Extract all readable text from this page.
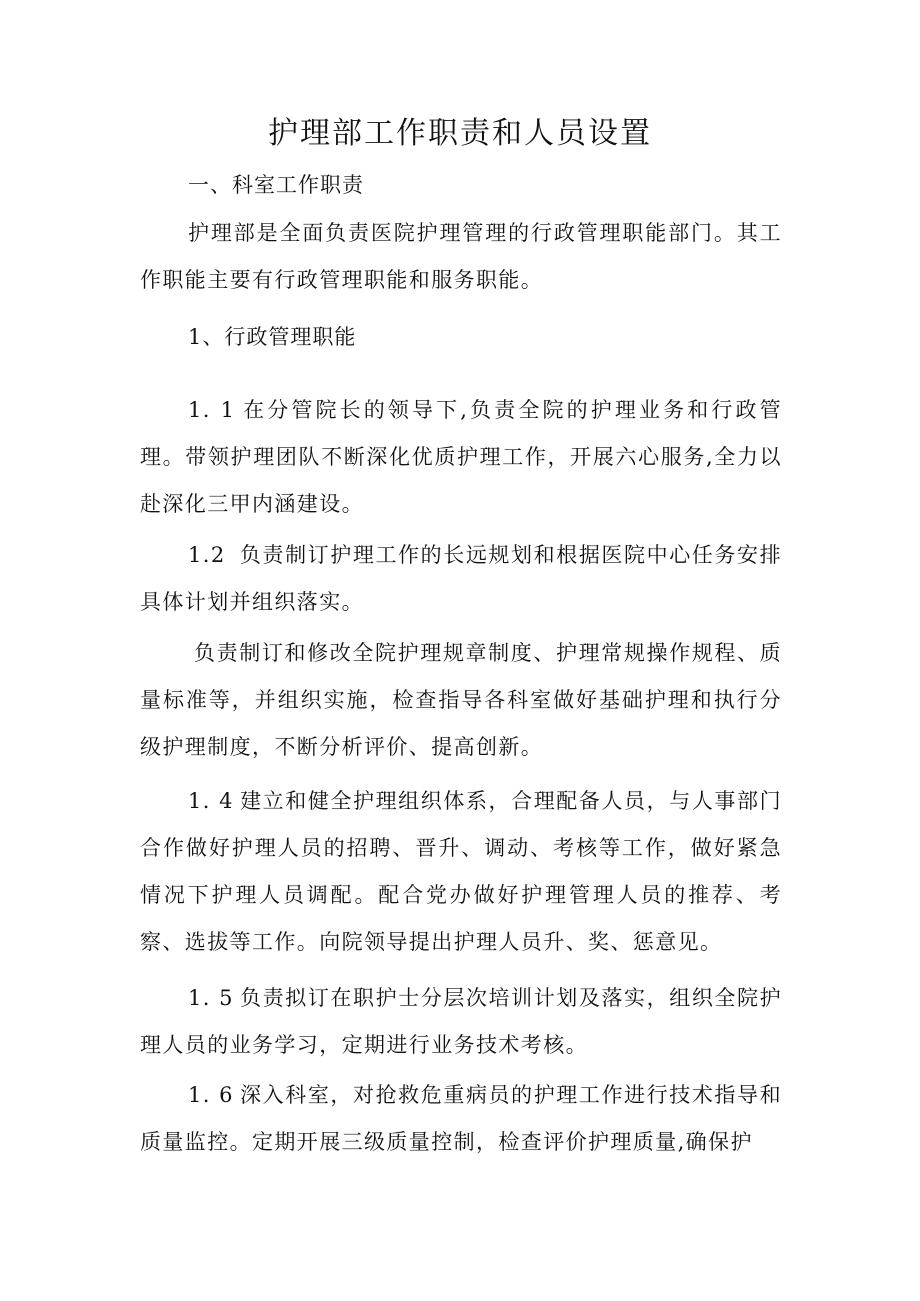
护理部工作职责和人员设置

一、科室工作职责

护理部是全面负责医院护理管理的行政管理职能部门。其工作职能主要有行政管理职能和服务职能。

1、行政管理职能

1. 1 在分管院长的领导下,负责全院的护理业务和行政管理。带领护理团队不断深化优质护理工作，开展六心服务,全力以赴深化三甲内涵建设。

1.2 负责制订护理工作的长远规划和根据医院中心任务安排具体计划并组织落实。

负责制订和修改全院护理规章制度、护理常规操作规程、质量标准等，并组织实施，检查指导各科室做好基础护理和执行分级护理制度，不断分析评价、提高创新。

1. 4 建立和健全护理组织体系，合理配备人员，与人事部门合作做好护理人员的招聘、晋升、调动、考核等工作，做好紧急情况下护理人员调配。配合党办做好护理管理人员的推荐、考察、选拔等工作。向院领导提出护理人员升、奖、惩意见。

1. 5 负责拟订在职护士分层次培训计划及落实，组织全院护理人员的业务学习，定期进行业务技术考核。

1. 6 深入科室，对抢救危重病员的护理工作进行技术指导和质量监控。定期开展三级质量控制，检查评价护理质量,确保护
